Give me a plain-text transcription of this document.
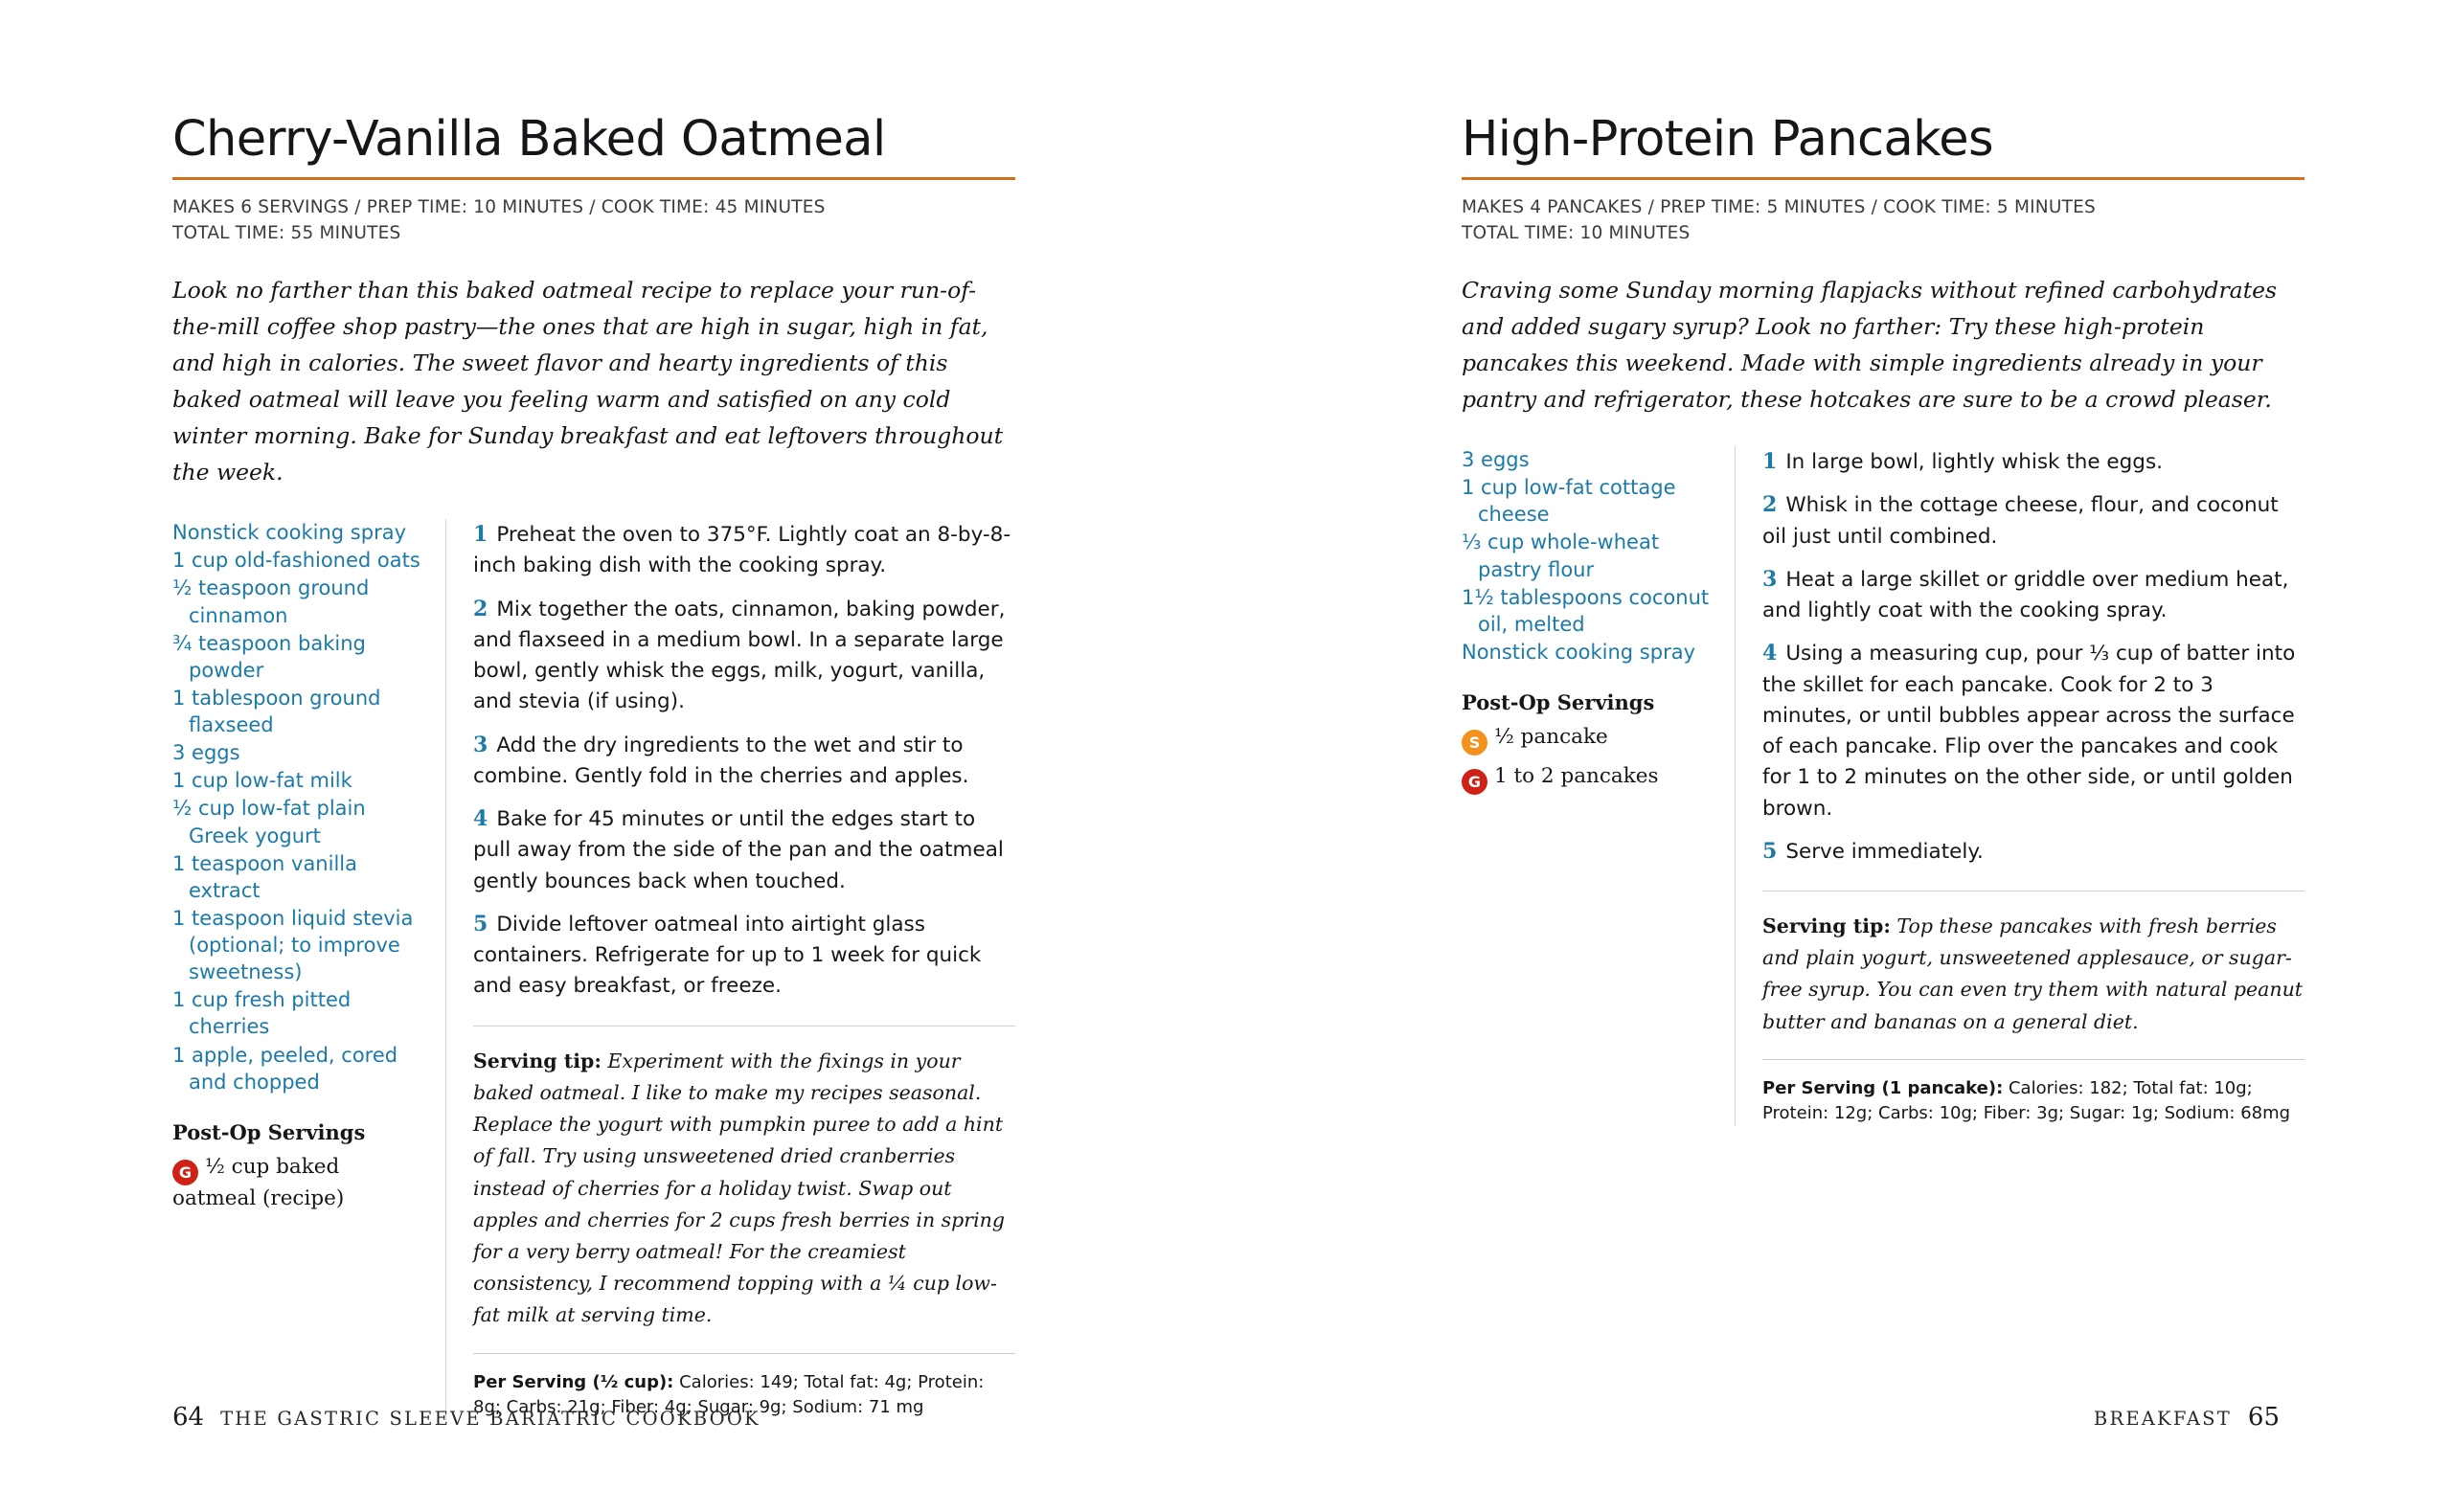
Cherry-Vanilla Baked Oatmeal
MAKES 6 SERVINGS / PREP TIME: 10 MINUTES / COOK TIME: 45 MINUTES
TOTAL TIME: 55 MINUTES
Look no farther than this baked oatmeal recipe to replace your run-of-the-mill coffee shop pastry—the ones that are high in sugar, high in fat, and high in calories. The sweet flavor and hearty ingredients of this baked oatmeal will leave you feeling warm and satisfied on any cold winter morning. Bake for Sunday breakfast and eat leftovers throughout the week.
Nonstick cooking spray
1 cup old-fashioned oats
½ teaspoon ground cinnamon
¾ teaspoon baking powder
1 tablespoon ground flaxseed
3 eggs
1 cup low-fat milk
½ cup low-fat plain Greek yogurt
1 teaspoon vanilla extract
1 teaspoon liquid stevia (optional; to improve sweetness)
1 cup fresh pitted cherries
1 apple, peeled, cored and chopped
Post-Op Servings
G ½ cup baked oatmeal (recipe)
1 Preheat the oven to 375°F. Lightly coat an 8-by-8-inch baking dish with the cooking spray.
2 Mix together the oats, cinnamon, baking powder, and flaxseed in a medium bowl. In a separate large bowl, gently whisk the eggs, milk, yogurt, vanilla, and stevia (if using).
3 Add the dry ingredients to the wet and stir to combine. Gently fold in the cherries and apples.
4 Bake for 45 minutes or until the edges start to pull away from the side of the pan and the oatmeal gently bounces back when touched.
5 Divide leftover oatmeal into airtight glass containers. Refrigerate for up to 1 week for quick and easy breakfast, or freeze.
Serving tip: Experiment with the fixings in your baked oatmeal. I like to make my recipes seasonal. Replace the yogurt with pumpkin puree to add a hint of fall. Try using unsweetened dried cranberries instead of cherries for a holiday twist. Swap out apples and cherries for 2 cups fresh berries in spring for a very berry oatmeal! For the creamiest consistency, I recommend topping with a ¼ cup low-fat milk at serving time.
Per Serving (½ cup): Calories: 149; Total fat: 4g; Protein: 8g; Carbs: 21g; Fiber: 4g; Sugar: 9g; Sodium: 71 mg
64 THE GASTRIC SLEEVE BARIATRIC COOKBOOK
High-Protein Pancakes
MAKES 4 PANCAKES / PREP TIME: 5 MINUTES / COOK TIME: 5 MINUTES
TOTAL TIME: 10 MINUTES
Craving some Sunday morning flapjacks without refined carbohydrates and added sugary syrup? Look no farther: Try these high-protein pancakes this weekend. Made with simple ingredients already in your pantry and refrigerator, these hotcakes are sure to be a crowd pleaser.
3 eggs
1 cup low-fat cottage cheese
⅓ cup whole-wheat pastry flour
1½ tablespoons coconut oil, melted
Nonstick cooking spray
Post-Op Servings
S ½ pancake
G 1 to 2 pancakes
1 In large bowl, lightly whisk the eggs.
2 Whisk in the cottage cheese, flour, and coconut oil just until combined.
3 Heat a large skillet or griddle over medium heat, and lightly coat with the cooking spray.
4 Using a measuring cup, pour ⅓ cup of batter into the skillet for each pancake. Cook for 2 to 3 minutes, or until bubbles appear across the surface of each pancake. Flip over the pancakes and cook for 1 to 2 minutes on the other side, or until golden brown.
5 Serve immediately.
Serving tip: Top these pancakes with fresh berries and plain yogurt, unsweetened applesauce, or sugar-free syrup. You can even try them with natural peanut butter and bananas on a general diet.
Per Serving (1 pancake): Calories: 182; Total fat: 10g; Protein: 12g; Carbs: 10g; Fiber: 3g; Sugar: 1g; Sodium: 68mg
BREAKFAST 65
